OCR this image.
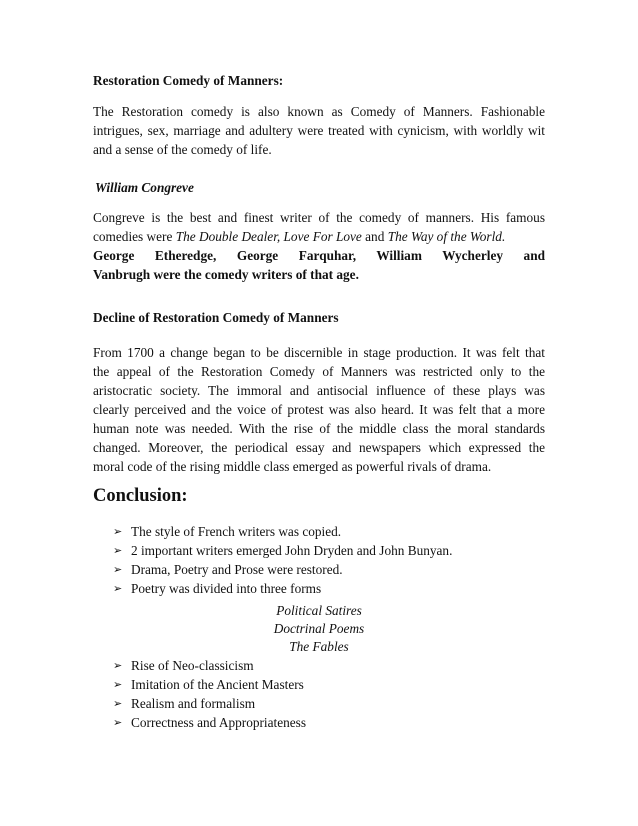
Restoration Comedy of Manners:
The Restoration comedy is also known as Comedy of Manners. Fashionable
intrigues, sex, marriage and adultery were treated with cynicism, with worldly wit
and a sense of the comedy of life.
William Congreve
Congreve is the best and finest writer of the comedy of manners. His famous
comedies were The Double Dealer, Love For Love and The Way of the World.
George Etheredge, George Farquhar, William Wycherley and
Vanbrugh were the comedy writers of that age.
Decline of Restoration Comedy of Manners
From 1700 a change began to be discernible in stage production. It was felt that
the appeal of the Restoration Comedy of Manners was restricted only to the
aristocratic society. The immoral and antisocial influence of these plays was
clearly perceived and the voice of protest was also heard. It was felt that a more
human note was needed. With the rise of the middle class the moral standards
changed. Moreover, the periodical essay and newspapers which expressed the
moral code of the rising middle class emerged as powerful rivals of drama.
Conclusion:
➢ The style of French writers was copied.
➢ 2 important writers emerged John Dryden and John Bunyan.
➢ Drama, Poetry and Prose were restored.
➢ Poetry was divided into three forms
Political Satires
Doctrinal Poems
The Fables
➢ Rise of Neo-classicism
➢ Imitation of the Ancient Masters
➢ Realism and formalism
➢ Correctness and Appropriateness
